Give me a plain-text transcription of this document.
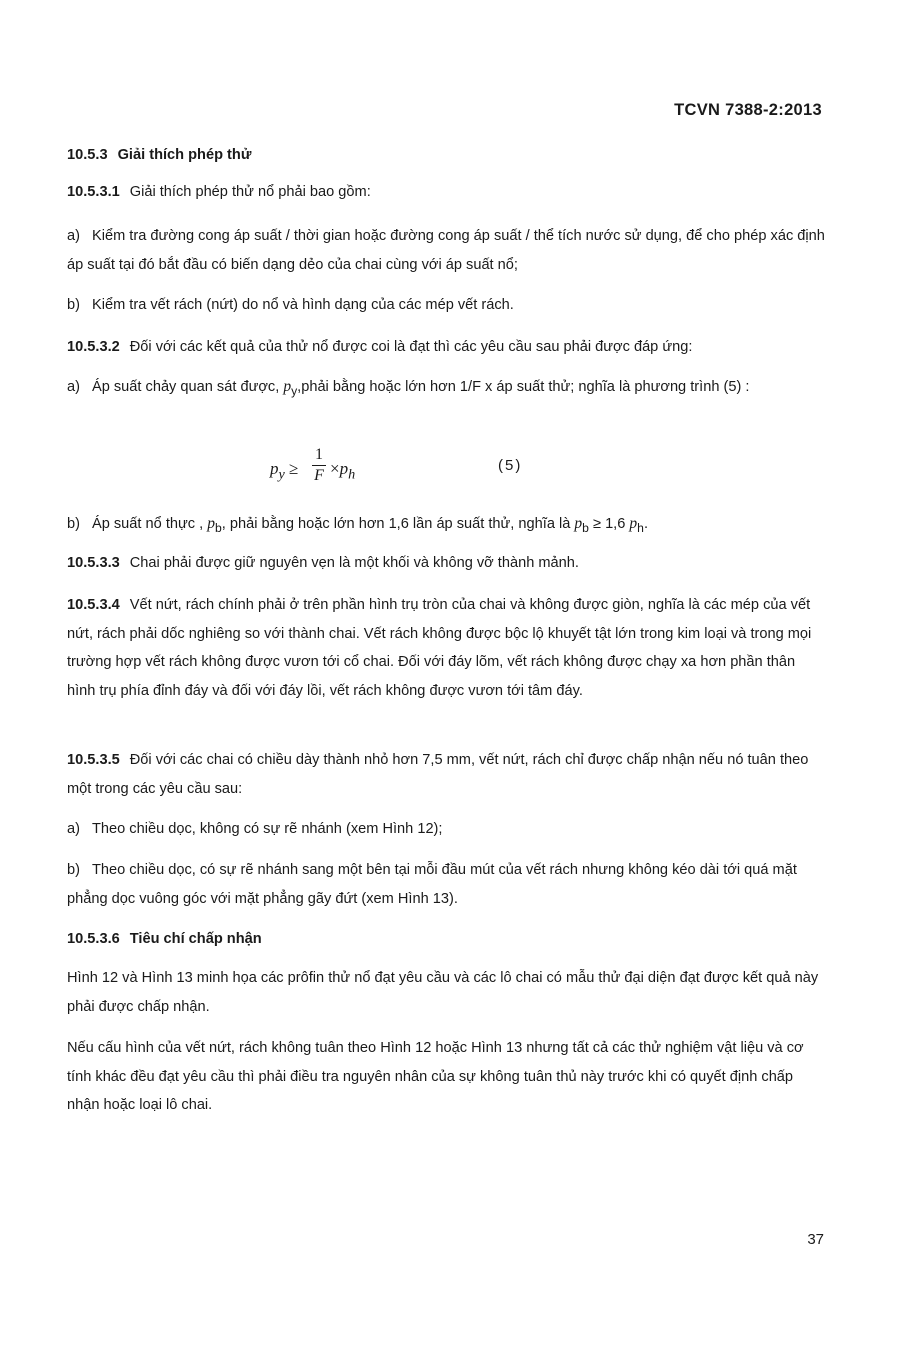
TCVN 7388-2:2013

10.5.3 Giải thích phép thử

10.5.3.1 Giải thích phép thử nổ phải bao gồm:

a) Kiểm tra đường cong áp suất / thời gian hoặc đường cong áp suất / thể tích nước sử dụng, để cho phép xác định áp suất tại đó bắt đầu có biến dạng dẻo của chai cùng với áp suất nổ;

b) Kiểm tra vết rách (nứt) do nổ và hình dạng của các mép vết rách.

10.5.3.2 Đối với các kết quả của thử nổ được coi là đạt thì các yêu cầu sau phải được đáp ứng:

a) Áp suất chảy quan sát được, $p_y,phải$ bằng hoặc lớn hơn 1/F x áp suất thử; nghĩa là phương trình (5) :

$p_y$ ≥
1
$F \times p_h$
(5)

b) Áp suất nổ thực , $p_b$, phải bằng hoặc lớn hơn 1,6 lần áp suất thử, nghĩa là $p_b \ge 1,6$ $p_h$.

10.5.3.3 Chai phải được giữ nguyên vẹn là một khối và không vỡ thành mảnh.

10.5.3.4 Vết nứt, rách chính phải ở trên phần hình trụ tròn của chai và không được giòn, nghĩa là các mép của vết nứt, rách phải dốc nghiêng so với thành chai. Vết rách không được bộc lộ khuyết tật lớn trong kim loại và trong mọi trường hợp vết rách không được vươn tới cổ chai. Đối với đáy lõm, vết rách không được chạy xa hơn phần thân hình trụ phía đỉnh đáy và đối với đáy lồi, vết rách không được vươn tới tâm đáy.

10.5.3.5 Đối với các chai có chiều dày thành nhỏ hơn 7,5 mm, vết nứt, rách chỉ được chấp nhận nếu nó tuân theo một trong các yêu cầu sau:

a) Theo chiều dọc, không có sự rẽ nhánh (xem Hình 12);

b) Theo chiều dọc, có sự rẽ nhánh sang một bên tại mỗi đầu mút của vết rách nhưng không kéo dài tới quá mặt phẳng dọc vuông góc với mặt phẳng gãy đứt (xem Hình 13).

10.5.3.6 Tiêu chí chấp nhận

Hình 12 và Hình 13 minh họa các prôfin thử nổ đạt yêu cầu và các lô chai có mẫu thử đại diện đạt được kết quả này phải được chấp nhận.

Nếu cấu hình của vết nứt, rách không tuân theo Hình 12 hoặc Hình 13 nhưng tất cả các thử nghiệm vật liệu và cơ tính khác đều đạt yêu cầu thì phải điều tra nguyên nhân của sự không tuân thủ này trước khi có quyết định chấp nhận hoặc loại lô chai.

37
